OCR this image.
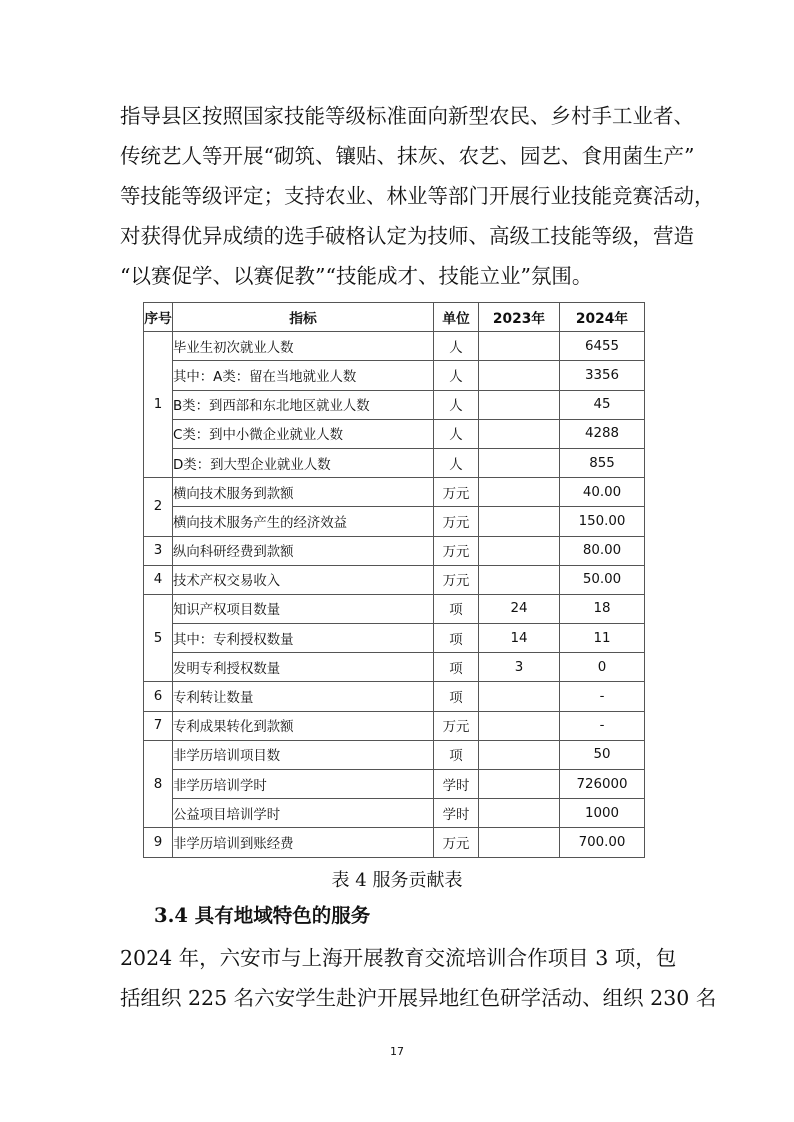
指导县区按照国家技能等级标准面向新型农民、乡村手工业者、
传统艺人等开展“砌筑、镶贴、抹灰、农艺、园艺、食用菌生产”
等技能等级评定；支持农业、林业等部门开展行业技能竞赛活动，
对获得优异成绩的选手破格认定为技师、高级工技能等级，营造
“以赛促学、以赛促教”“技能成才、技能立业”氛围。
序号	指标	单位	2023年	2024年
1	毕业生初次就业人数	人		6455
	其中：A类：留在当地就业人数	人		3356
	B类：到西部和东北地区就业人数	人		45
	C类：到中小微企业就业人数	人		4288
	D类：到大型企业就业人数	人		855
2	横向技术服务到款额	万元		40.00
	横向技术服务产生的经济效益	万元		150.00
3	纵向科研经费到款额	万元		80.00
4	技术产权交易收入	万元		50.00
5	知识产权项目数量	项	24	18
	其中：专利授权数量	项	14	11
	发明专利授权数量	项	3	0
6	专利转让数量	项		-
7	专利成果转化到款额	万元		-
8	非学历培训项目数	项		50
	非学历培训学时	学时		726000
	公益项目培训学时	学时		1000
9	非学历培训到账经费	万元		700.00
表 4 服务贡献表
3.4 具有地域特色的服务
2024 年，六安市与上海开展教育交流培训合作项目 3 项，包
括组织 225 名六安学生赴沪开展异地红色研学活动、组织 230 名
17
